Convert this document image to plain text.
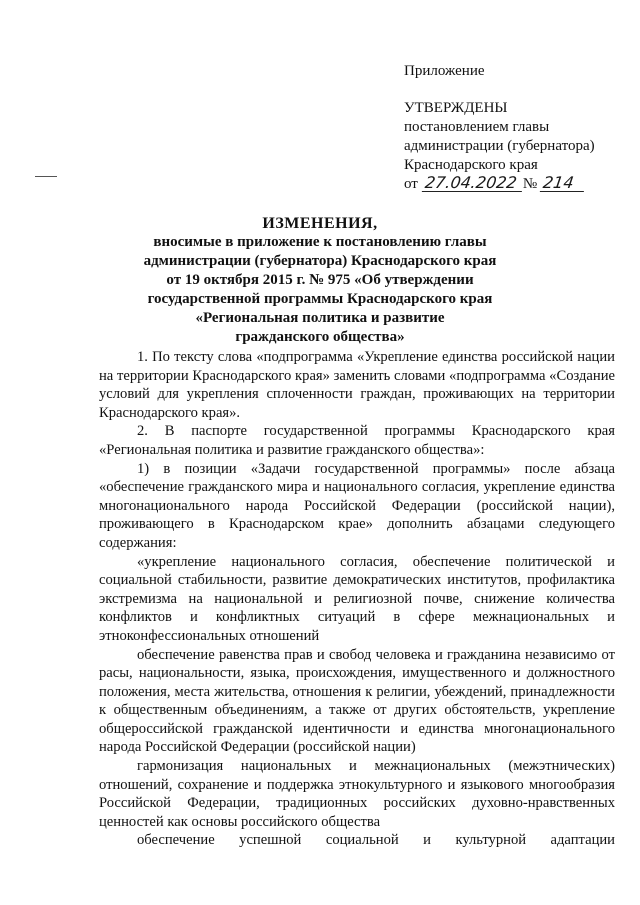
Приложение
УТВЕРЖДЕНЫ
постановлением главы
администрации (губернатора)
Краснодарского края
от 27.04.2022 № 214
ИЗМЕНЕНИЯ,
вносимые в приложение к постановлению главы
администрации (губернатора) Краснодарского края
от 19 октября 2015 г. № 975 «Об утверждении
государственной программы Краснодарского края
«Региональная политика и развитие
гражданского общества»

1. По тексту слова «подпрограмма «Укрепление единства российской нации на территории Краснодарского края» заменить словами «подпрограмма «Создание условий для укрепления сплоченности граждан, проживающих на территории Краснодарского края».

2. В паспорте государственной программы Краснодарского края «Региональная политика и развитие гражданского общества»:

1) в позиции «Задачи государственной программы» после абзаца «обеспечение гражданского мира и национального согласия, укрепление единства многонационального народа Российской Федерации (российской нации), проживающего в Краснодарском крае» дополнить абзацами следующего содержания:

«укрепление национального согласия, обеспечение политической и социальной стабильности, развитие демократических институтов, профилактика экстремизма на национальной и религиозной почве, снижение количества конфликтов и конфликтных ситуаций в сфере межнациональных и этноконфессиональных отношений

обеспечение равенства прав и свобод человека и гражданина независимо от расы, национальности, языка, происхождения, имущественного и должностного положения, места жительства, отношения к религии, убеждений, принадлежности к общественным объединениям, а также от других обстоятельств, укрепление общероссийской гражданской идентичности и единства многонационального народа Российской Федерации (российской нации)

гармонизация национальных и межнациональных (межэтнических) отношений, сохранение и поддержка этнокультурного и языкового многообразия Российской Федерации, традиционных российских духовно-нравственных ценностей как основы российского общества

обеспечение успешной социальной и культурной адаптации
